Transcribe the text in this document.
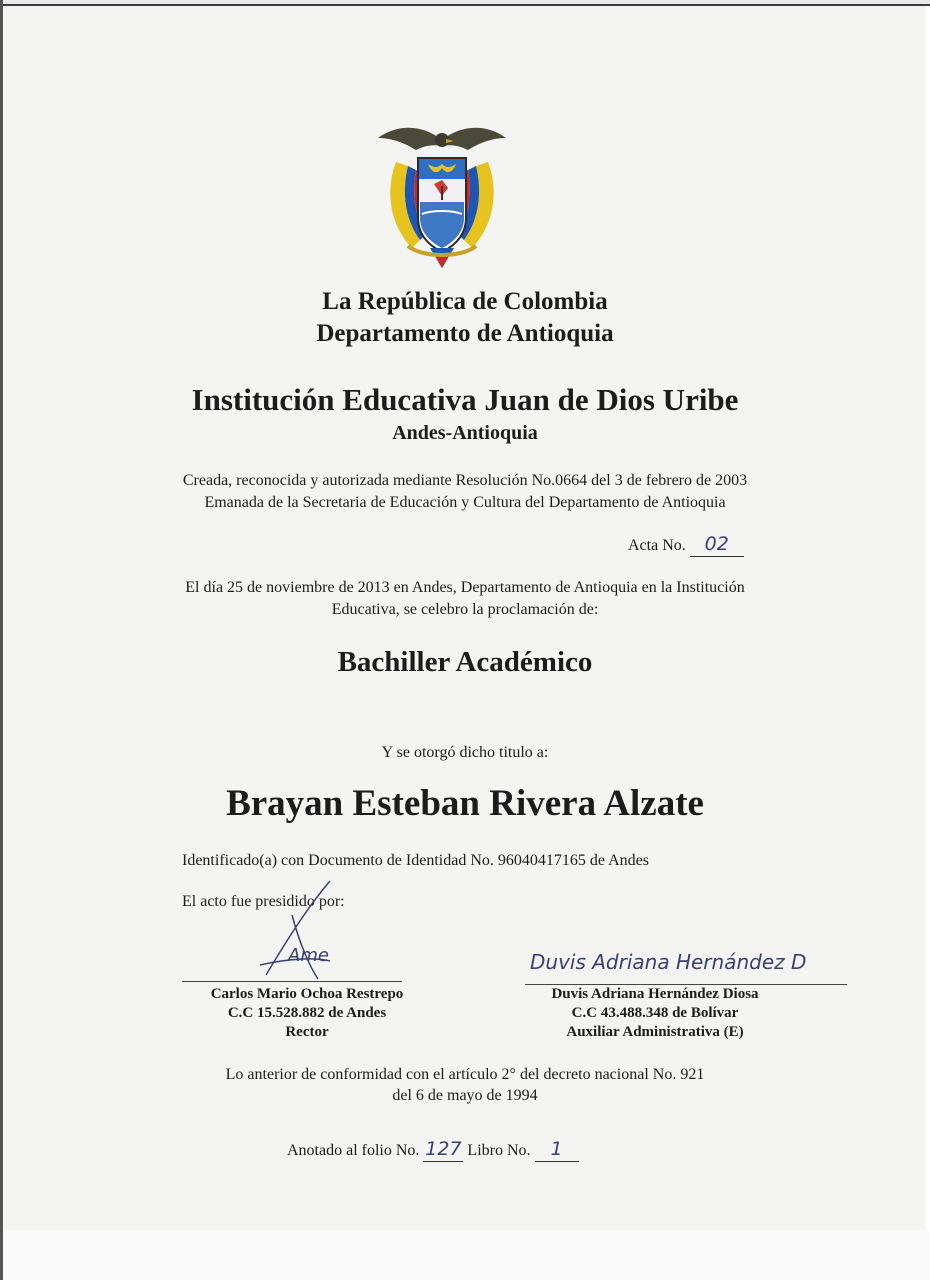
La República de Colombia
Departamento de Antioquia
Institución Educativa Juan de Dios Uribe
Andes-Antioquia
Creada, reconocida y autorizada mediante Resolución No.0664 del 3 de febrero de 2003
Emanada de la Secretaria de Educación y Cultura del Departamento de Antioquia
Acta No. 02
El día 25 de noviembre de 2013 en Andes, Departamento de Antioquia en la Institución
Educativa, se celebro la proclamación de:
Bachiller Académico
Y se otorgó dicho titulo a:
Brayan Esteban Rivera Alzate
Identificado(a) con Documento de Identidad No. 96040417165 de Andes
El acto fue presidido por:
Ame
Carlos Mario Ochoa Restrepo
C.C 15.528.882 de Andes
Rector
Duvis Adriana Hernández D
Duvis Adriana Hernández Diosa
C.C 43.488.348 de Bolívar
Auxiliar Administrativa (E)
Lo anterior de conformidad con el artículo 2° del decreto nacional No. 921
del 6 de mayo de 1994
Anotado al folio No. 127 Libro No. 1
